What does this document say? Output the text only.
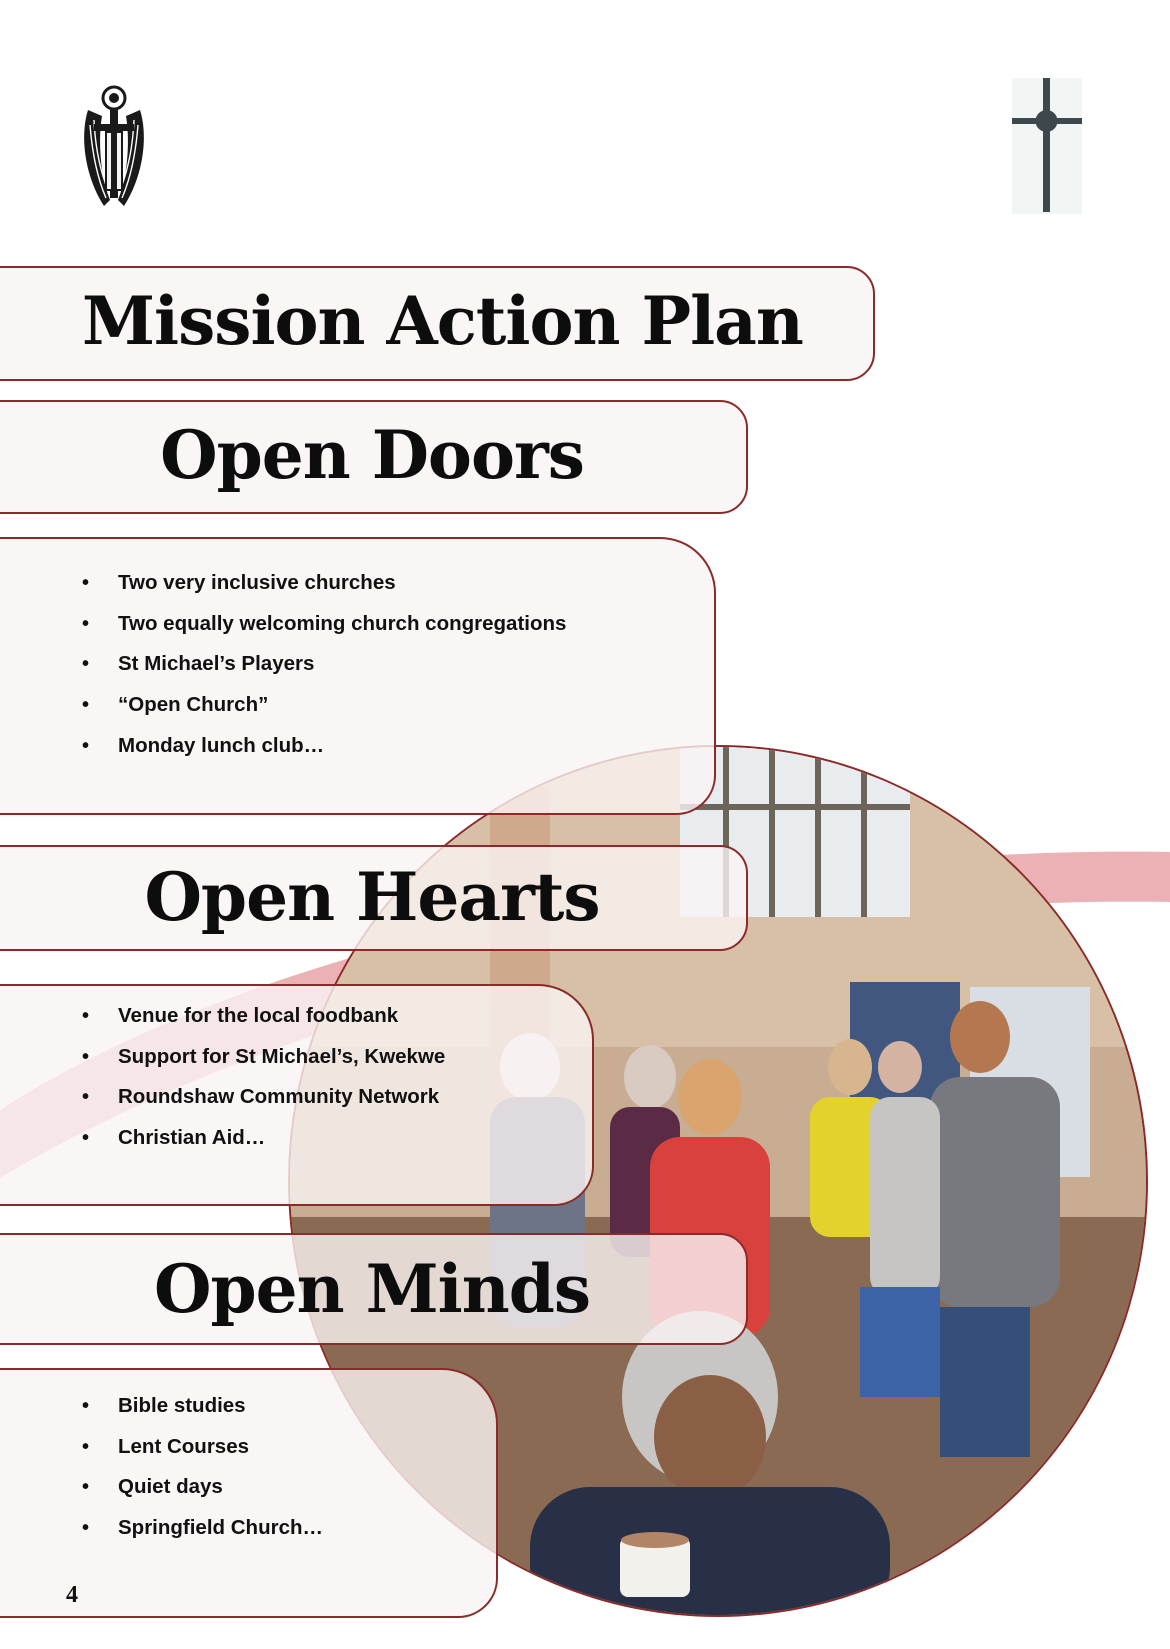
Mission Action Plan
Open Doors
• Two very inclusive churches
• Two equally welcoming church congregations
• St Michael’s Players
• “Open Church”
• Monday lunch club…
Open Hearts
• Venue for the local foodbank
• Support for St Michael’s, Kwekwe
• Roundshaw Community Network
• Christian Aid…
Open Minds
• Bible studies
• Lent Courses
• Quiet days
• Springfield Church…
4
